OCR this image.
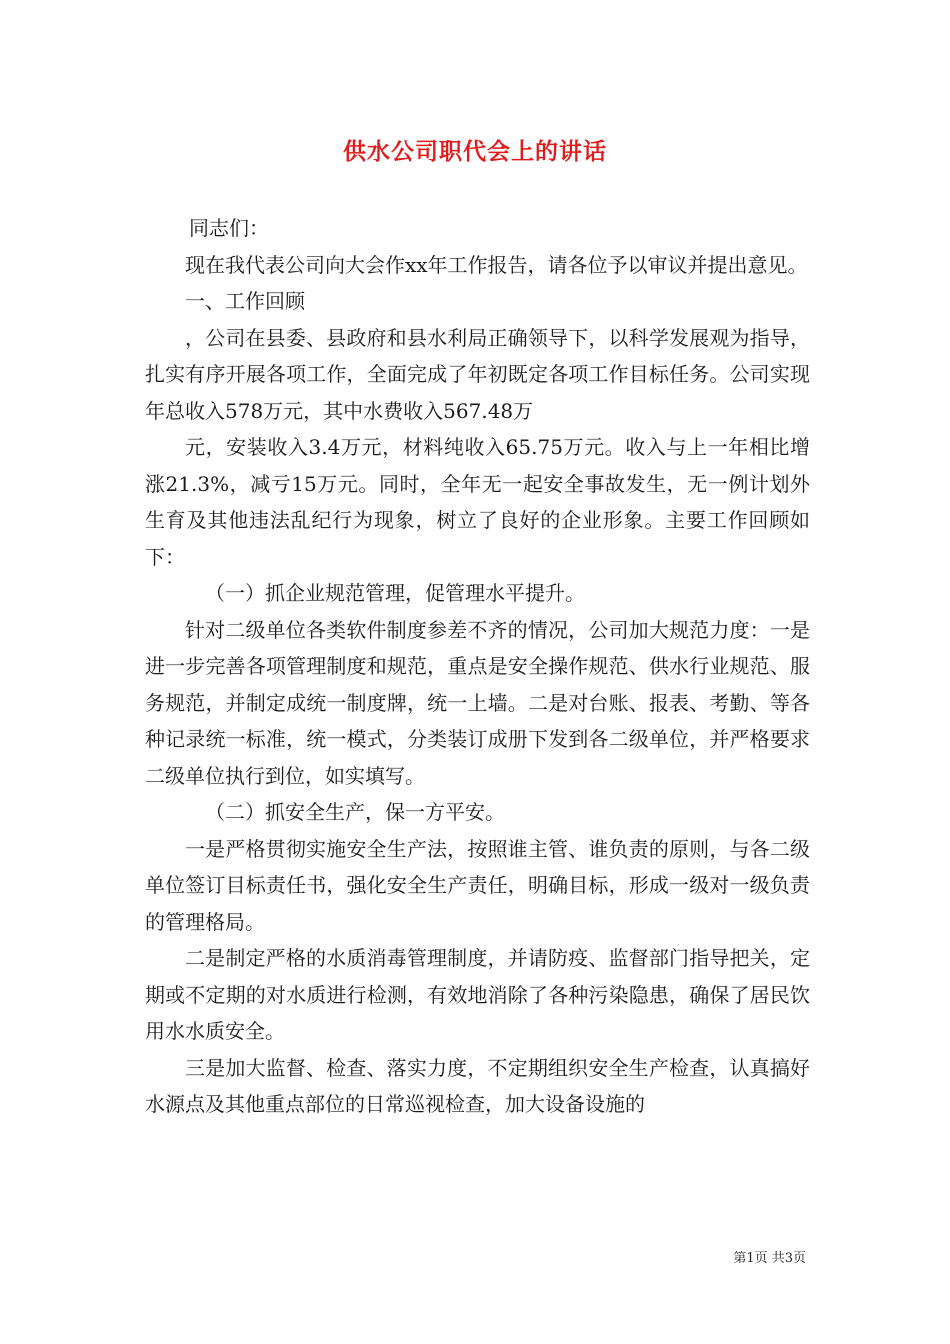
供水公司职代会上的讲话

同志们：

现在我代表公司向大会作xx年工作报告，请各位予以审议并提出意见。

一、工作回顾

，公司在县委、县政府和县水利局正确领导下，以科学发展观为指导，扎实有序开展各项工作，全面完成了年初既定各项工作目标任务。公司实现年总收入578万元，其中水费收入567.48万

元，安装收入3.4万元，材料纯收入65.75万元。收入与上一年相比增涨21.3%，减亏15万元。同时，全年无一起安全事故发生，无一例计划外生育及其他违法乱纪行为现象，树立了良好的企业形象。主要工作回顾如下：

（一）抓企业规范管理，促管理水平提升。

针对二级单位各类软件制度参差不齐的情况，公司加大规范力度：一是进一步完善各项管理制度和规范，重点是安全操作规范、供水行业规范、服务规范，并制定成统一制度牌，统一上墙。二是对台账、报表、考勤、等各种记录统一标准，统一模式，分类装订成册下发到各二级单位，并严格要求二级单位执行到位，如实填写。

（二）抓安全生产，保一方平安。

一是严格贯彻实施安全生产法，按照谁主管、谁负责的原则，与各二级单位签订目标责任书，强化安全生产责任，明确目标，形成一级对一级负责的管理格局。

二是制定严格的水质消毒管理制度，并请防疫、监督部门指导把关，定期或不定期的对水质进行检测，有效地消除了各种污染隐患，确保了居民饮用水水质安全。

三是加大监督、检查、落实力度，不定期组织安全生产检查，认真搞好水源点及其他重点部位的日常巡视检查，加大设备设施的

第1页 共3页
